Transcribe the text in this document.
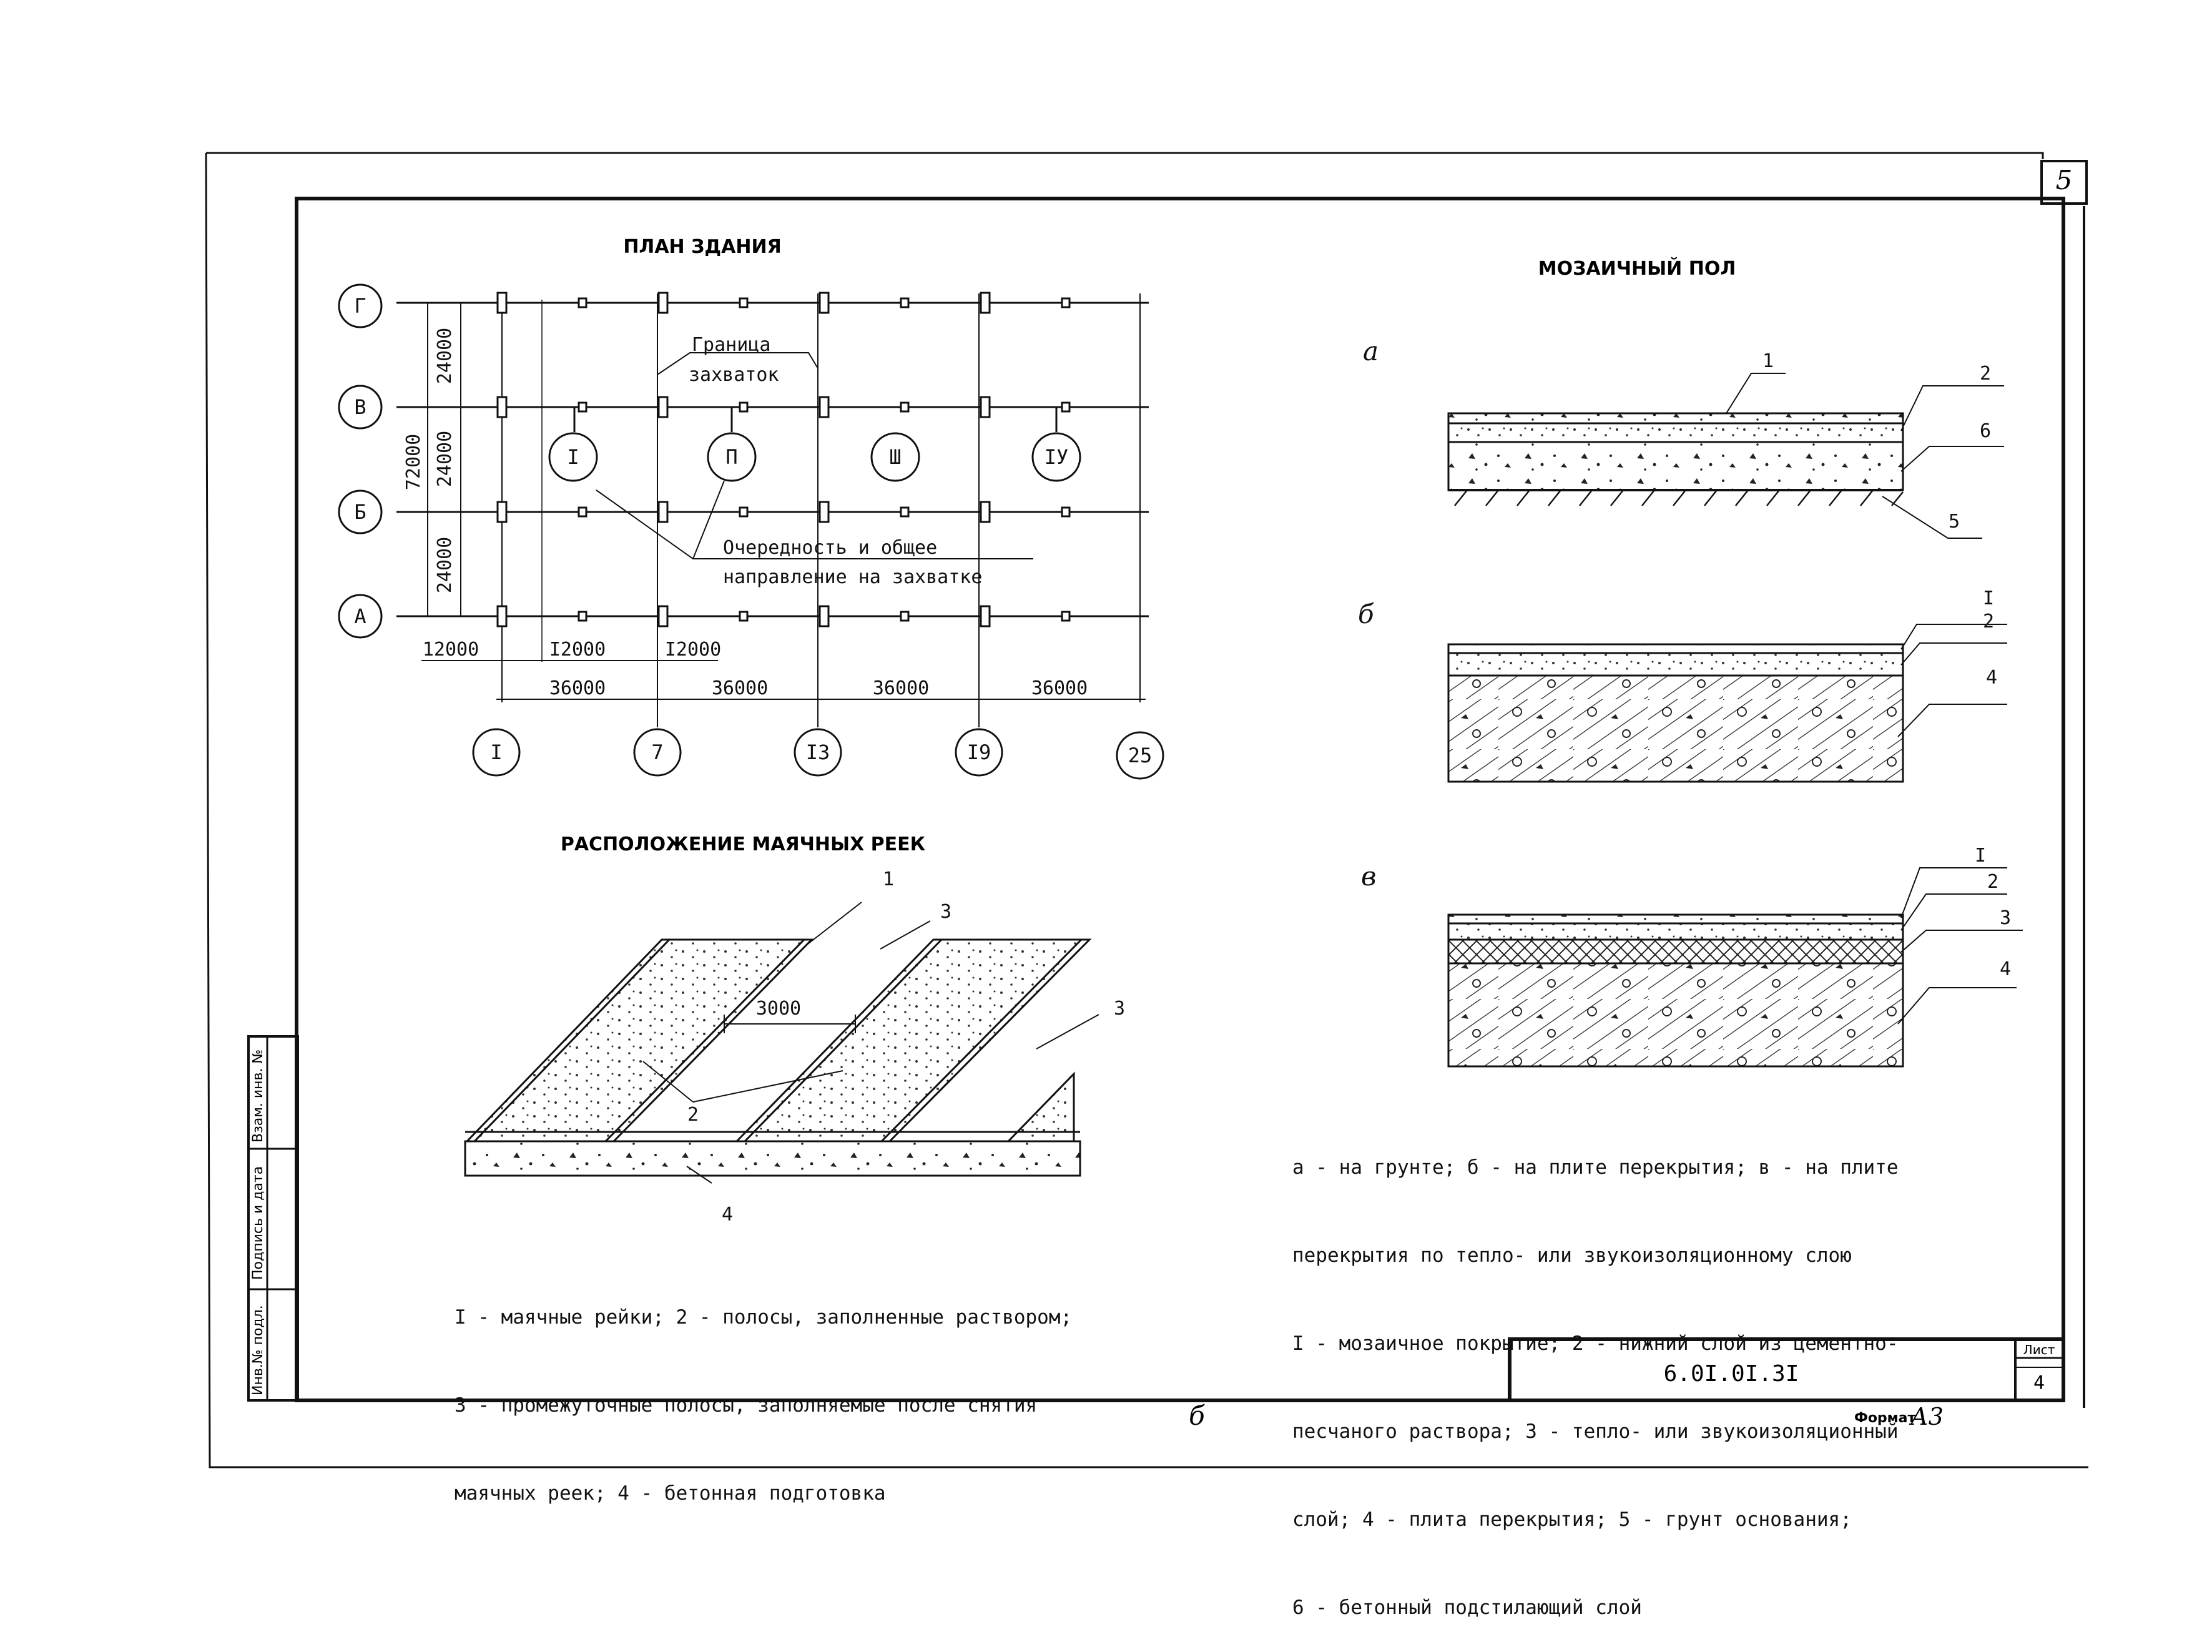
5
б
6.0I.0I.3I
Лист
4
Формат
А3
Инв.№ подл.
Подпись и дата
Взам. инв. №
ПЛАН ЗДАНИЯ
Г
В
Б
А
I	7	I3	I9	25
I	П	Ш	IУ
Граница
захваток
Очередность и общее
направление на захватке
24000
24000
24000
72000
12000	I2000	I2000
36000	36000	36000	36000
РАСПОЛОЖЕНИЕ МАЯЧНЫХ РЕЕК
3000
1
3
3
2
4
МОЗАИЧНЫЙ ПОЛ
а
б
в
1
2
6
5
I
2
4
I
2
3
4

I - маячные рейки; 2 - полосы, заполненные раствором;

3 - промежуточные полосы, заполняемые после снятия

маячных реек; 4 - бетонная подготовка

а - на грунте; б - на плите перекрытия; в - на плите

перекрытия по тепло- или звукоизоляционному слою

I - мозаичное покрытие; 2 - нижний слой из цементно-

песчаного раствора; 3 - тепло- или звукоизоляционный

слой; 4 - плита перекрытия; 5 - грунт основания;

6 - бетонный подстилающий слой
